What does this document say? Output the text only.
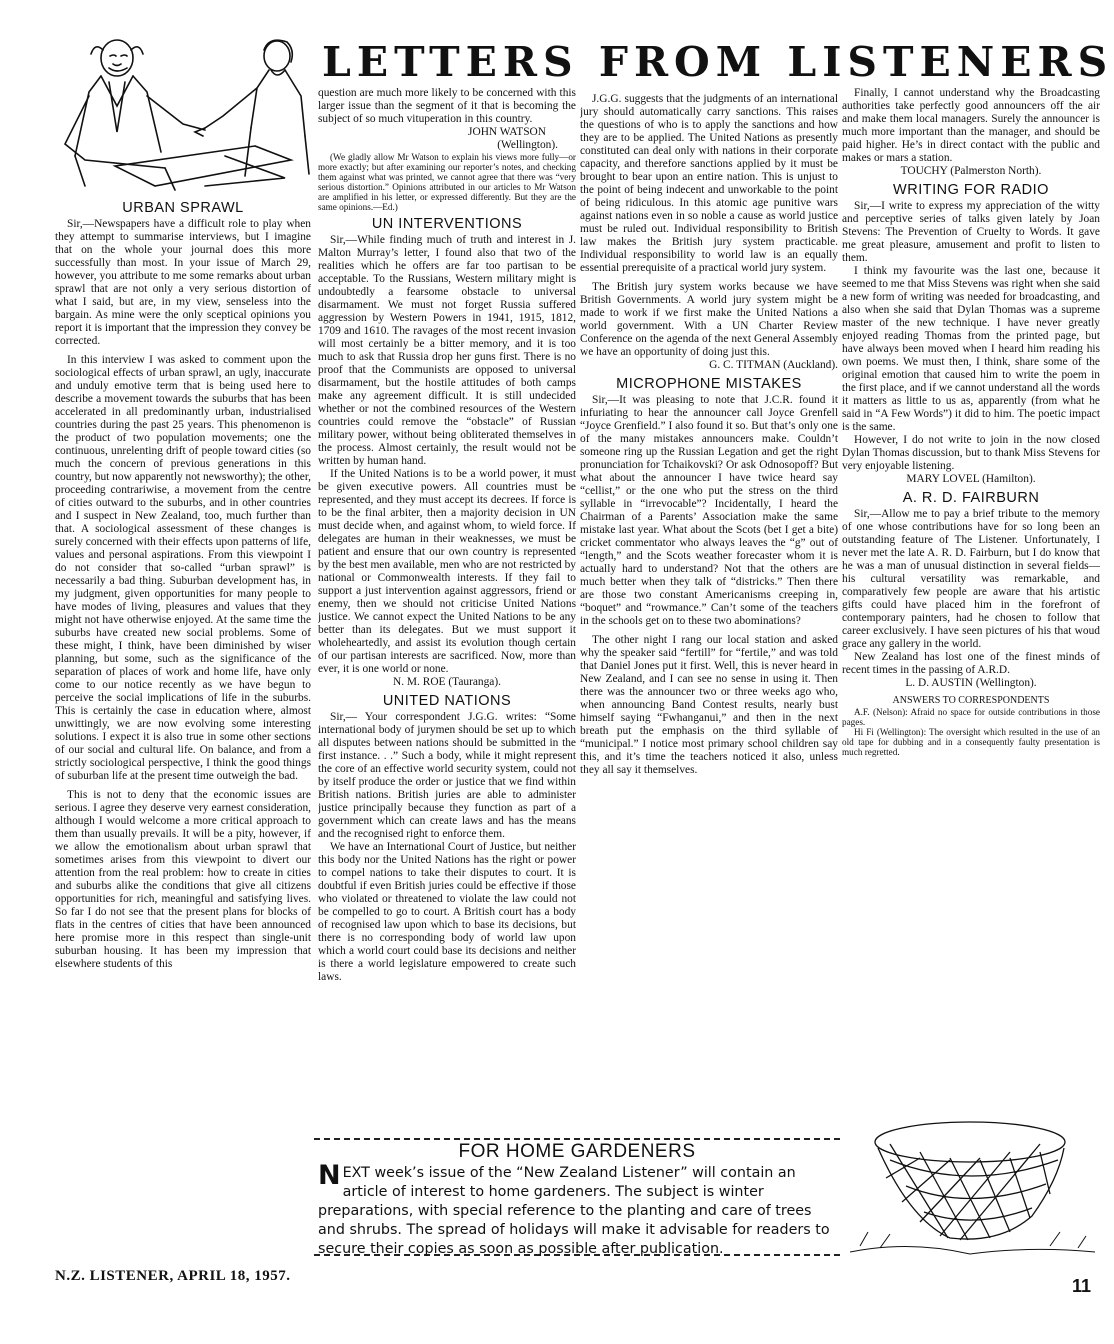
LETTERS FROM LISTENERS
URBAN SPRAWL

Sir,—Newspapers have a difficult role to play when they attempt to summarise interviews, but I imagine that on the whole your journal does this more successfully than most. In your issue of March 29, however, you attribute to me some remarks about urban sprawl that are not only a very serious distortion of what I said, but are, in my view, senseless into the bargain. As mine were the only sceptical opinions you report it is important that the impression they convey be corrected.

In this interview I was asked to comment upon the sociological effects of urban sprawl, an ugly, inaccurate and unduly emotive term that is being used here to describe a movement towards the suburbs that has been accelerated in all predominantly urban, industrialised countries during the past 25 years. This phenomenon is the product of two population movements; one the continuous, unrelenting drift of people toward cities (so much the concern of previous generations in this country, but now apparently not newsworthy); the other, proceeding contrariwise, a movement from the centre of cities outward to the suburbs, and in other countries and I suspect in New Zealand, too, much further than that. A sociological assessment of these changes is surely concerned with their effects upon patterns of life, values and personal aspirations. From this viewpoint I do not consider that so-called “urban sprawl” is necessarily a bad thing. Suburban development has, in my judgment, given opportunities for many people to have modes of living, pleasures and values that they might not have otherwise enjoyed. At the same time the suburbs have created new social problems. Some of these might, I think, have been diminished by wiser planning, but some, such as the significance of the separation of places of work and home life, have only come to our notice recently as we have begun to perceive the social implications of life in the suburbs. This is certainly the case in education where, almost unwittingly, we are now evolving some interesting solutions. I expect it is also true in some other sections of our social and cultural life. On balance, and from a strictly sociological perspective, I think the good things of suburban life at the present time outweigh the bad.

This is not to deny that the economic issues are serious. I agree they deserve very earnest consideration, although I would welcome a more critical approach to them than usually prevails. It will be a pity, however, if we allow the emotionalism about urban sprawl that sometimes arises from this viewpoint to divert our attention from the real problem: how to create in cities and suburbs alike the conditions that give all citizens opportunities for rich, meaningful and satisfying lives. So far I do not see that the present plans for blocks of flats in the centres of cities that have been announced here promise more in this respect than single-unit suburban housing. It has been my impression that elsewhere students of this

question are much more likely to be concerned with this larger issue than the segment of it that is becoming the subject of so much vituperation in this country.

JOHN WATSON

(Wellington).

(We gladly allow Mr Watson to explain his views more fully—or more exactly; but after examining our reporter’s notes, and checking them against what was printed, we cannot agree that there was “very serious distortion.” Opinions attributed in our articles to Mr Watson are amplified in his letter, or expressed differently. But they are the same opinions.—Ed.)

UN INTERVENTIONS

Sir,—While finding much of truth and interest in J. Malton Murray’s letter, I found also that two of the realities which he offers are far too partisan to be acceptable. To the Russians, Western military might is undoubtedly a fearsome obstacle to universal disarmament. We must not forget Russia suffered aggression by Western Powers in 1941, 1915, 1812, 1709 and 1610. The ravages of the most recent invasion will most certainly be a bitter memory, and it is too much to ask that Russia drop her guns first. There is no proof that the Communists are opposed to universal disarmament, but the hostile attitudes of both camps make any agreement difficult. It is still undecided whether or not the combined resources of the Western countries could remove the “obstacle” of Russian military power, without being obliterated themselves in the process. Almost certainly, the result would not be written by human hand.

If the United Nations is to be a world power, it must be given executive powers. All countries must be represented, and they must accept its decrees. If force is to be the final arbiter, then a majority decision in UN must decide when, and against whom, to wield force. If delegates are human in their weaknesses, we must be patient and ensure that our own country is represented by the best men available, men who are not restricted by national or Commonwealth interests. If they fail to support a just intervention against aggressors, friend or enemy, then we should not criticise United Nations justice. We cannot expect the United Nations to be any better than its delegates. But we must support it wholeheartedly, and assist its evolution though certain of our partisan interests are sacrificed. Now, more than ever, it is one world or none.

N. M. ROE (Tauranga).

UNITED NATIONS

Sir,— Your correspondent J.G.G. writes: “Some international body of jurymen should be set up to which all disputes between nations should be submitted in the first instance. . .” Such a body, while it might represent the core of an effective world security system, could not by itself produce the order or justice that we find within British nations. British juries are able to administer justice principally because they function as part of a government which can create laws and has the means and the recognised right to enforce them.

We have an International Court of Justice, but neither this body nor the United Nations has the right or power to compel nations to take their disputes to court. It is doubtful if even British juries could be effective if those who violated or threatened to violate the law could not be compelled to go to court. A British court has a body of recognised law upon which to base its decisions, but there is no corresponding body of world law upon which a world court could base its decisions and neither is there a world legislature empowered to create such laws.

J.G.G. suggests that the judgments of an international jury should automatically carry sanctions. This raises the questions of who is to apply the sanctions and how they are to be applied. The United Nations as presently constituted can deal only with nations in their corporate capacity, and therefore sanctions applied by it must be brought to bear upon an entire nation. This is unjust to the point of being indecent and unworkable to the point of being ridiculous. In this atomic age punitive wars against nations even in so noble a cause as world justice must be ruled out. Individual responsibility to British law makes the British jury system practicable. Individual responsibility to world law is an equally essential prerequisite of a practical world jury system.

The British jury system works because we have British Governments. A world jury system might be made to work if we first make the United Nations a world government. With a UN Charter Review Conference on the agenda of the next General Assembly we have an opportunity of doing just this.

G. C. TITMAN (Auckland).

MICROPHONE MISTAKES

Sir,—It was pleasing to note that J.C.R. found it infuriating to hear the announcer call Joyce Grenfell “Joyce Grenfield.” I also found it so. But that’s only one of the many mistakes announcers make. Couldn’t someone ring up the Russian Legation and get the right pronunciation for Tchaikovski? Or ask Odnosopoff? But what about the announcer I have twice heard say “cellist,” or the one who put the stress on the third syllable in “irrevocable”? Incidentally, I heard the Chairman of a Parents’ Association make the same mistake last year. What about the Scots (bet I get a bite) cricket commentator who always leaves the “g” out of “length,” and the Scots weather forecaster whom it is actually hard to understand? Not that the others are much better when they talk of “districks.” Then there are those two constant Americanisms creeping in, “boquet” and “rowmance.” Can’t some of the teachers in the schools get on to these two abominations?

The other night I rang our local station and asked why the speaker said “fertill” for “fertile,” and was told that Daniel Jones put it first. Well, this is never heard in New Zealand, and I can see no sense in using it. Then there was the announcer two or three weeks ago who, when announcing Band Contest results, nearly bust himself saying “Fwhanganui,” and then in the next breath put the emphasis on the third syllable of “municipal.” I notice most primary school children say this, and it’s time the teachers noticed it also, unless they all say it themselves.

Finally, I cannot understand why the Broadcasting authorities take perfectly good announcers off the air and make them local managers. Surely the announcer is much more important than the manager, and should be paid higher. He’s in direct contact with the public and makes or mars a station.

TOUCHY (Palmerston North).

WRITING FOR RADIO

Sir,—I write to express my appreciation of the witty and perceptive series of talks given lately by Joan Stevens: The Prevention of Cruelty to Words. It gave me great pleasure, amusement and profit to listen to them.

I think my favourite was the last one, because it seemed to me that Miss Stevens was right when she said a new form of writing was needed for broadcasting, and also when she said that Dylan Thomas was a supreme master of the new technique. I have never greatly enjoyed reading Thomas from the printed page, but have always been moved when I heard him reading his own poems. We must then, I think, share some of the original emotion that caused him to write the poem in the first place, and if we cannot understand all the words it matters as little to us as, apparently (from what he said in “A Few Words”) it did to him. The poetic impact is the same.

However, I do not write to join in the now closed Dylan Thomas discussion, but to thank Miss Stevens for very enjoyable listening.

MARY LOVEL (Hamilton).

A. R. D. FAIRBURN

Sir,—Allow me to pay a brief tribute to the memory of one whose contributions have for so long been an outstanding feature of The Listener. Unfortunately, I never met the late A. R. D. Fairburn, but I do know that he was a man of unusual distinction in several fields—his cultural versatility was remarkable, and comparatively few people are aware that his artistic gifts could have placed him in the forefront of contemporary painters, had he chosen to follow that career exclusively. I have seen pictures of his that woud grace any gallery in the world.

New Zealand has lost one of the finest minds of recent times in the passing of A.R.D.

L. D. AUSTIN (Wellington).

ANSWERS TO CORRESPONDENTS

A.F. (Nelson): Afraid no space for outside contributions in those pages.

Hi Fi (Wellington): The oversight which resulted in the use of an old tape for dubbing and in a consequently faulty presentation is much regretted.

FOR HOME GARDENERS
NEXT week’s issue of the “New Zealand Listener” will contain an article of interest to home gardeners. The subject is winter preparations, with special reference to the planting and care of trees and shrubs. The spread of holidays will make it advisable for readers to secure their copies as soon as possible after publication.
N.Z. LISTENER, APRIL 18, 1957.	11
